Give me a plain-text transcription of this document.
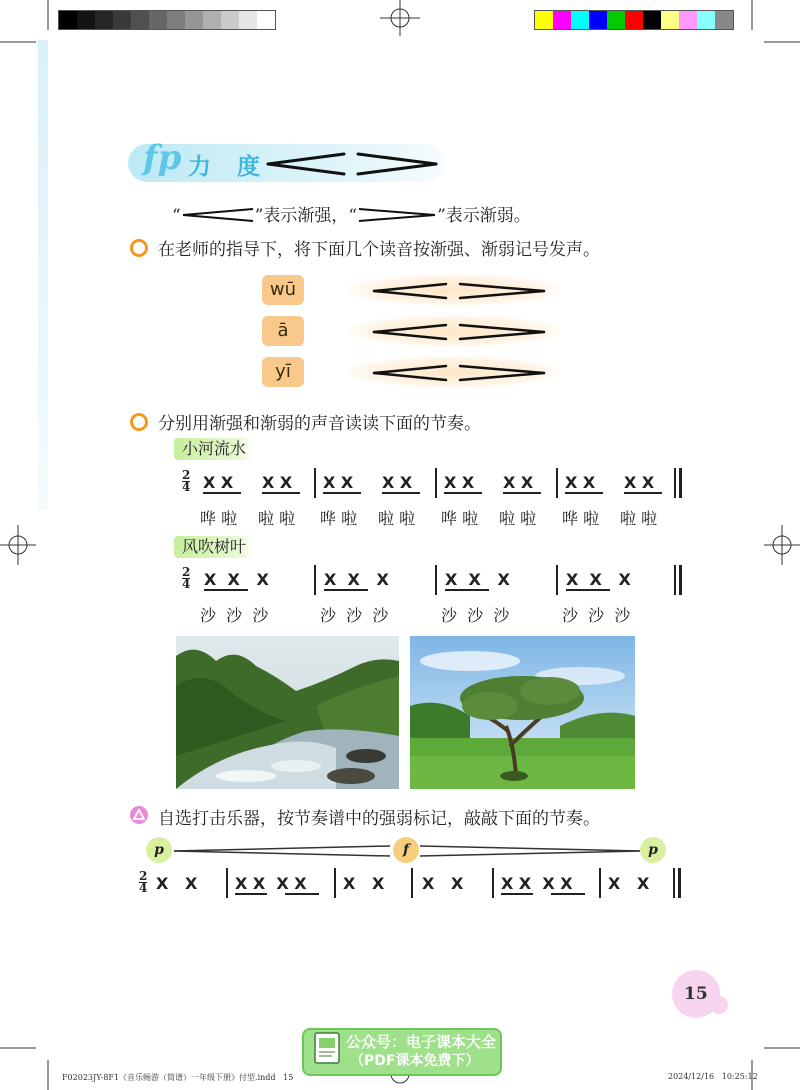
fp 力度
“	”表示渐强，“	”表示渐弱。
在老师的指导下，将下面几个读音按渐强、渐弱记号发声。
wū
ā
yī
分别用渐强和渐弱的声音读读下面的节奏。
小河流水
$\frac{2}{4}$ X X X X X X X X X X X X X X X X
哗 啦 啦 啦 哗 啦 啦 啦 哗 啦 啦 啦 哗 啦 啦 啦
风吹树叶
$\frac{2}{4}$ X  X   X	X  X   X	X  X   X	X  X   X
沙  沙  沙	沙  沙  沙	沙  沙  沙	沙  沙  沙
自选打击乐器，按节奏谱中的强弱标记，敲敲下面的节奏。
p	f	p
$\frac{2}{4}$ X   X X X  X X X   X X   X X X  X X X   X
15
公众号：电子课本大全
（PDF课本免费下）
F02023JY-8F1《音乐畅游（简谱）一年级下册》付型.indd   15	2024/12/16   10:25:12
